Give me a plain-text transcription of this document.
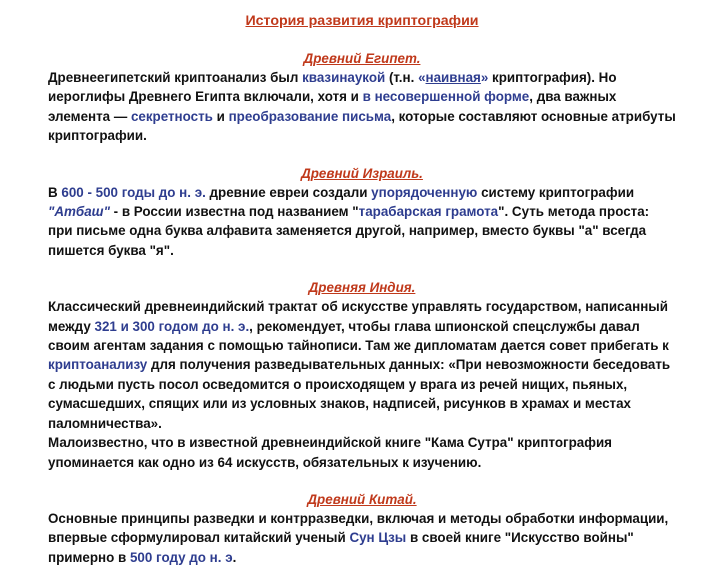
История развития криптографии
Древний Египет.
Древнеегипетский криптоанализ был квазинаукой (т.н. «наивная» криптография). Но иероглифы Древнего Египта включали, хотя и в несовершенной форме, два важных элемента — секретность и преобразование письма, которые составляют основные атрибуты криптографии.
Древний Израиль.
В 600 - 500 годы до н. э. древние евреи создали упорядоченную систему криптографии "Атбаш" - в России известна под названием "тарабарская грамота". Суть метода проста: при письме одна буква алфавита заменяется другой, например, вместо буквы "а" всегда пишется буква "я".
Древняя Индия.
Классический древнеиндийский трактат об искусстве управлять государством, написанный между 321 и 300 годом до н. э., рекомендует, чтобы глава шпионской спецслужбы давал своим агентам задания с помощью тайнописи. Там же дипломатам дается совет прибегать к криптоанализу для получения разведывательных данных: «При невозможности беседовать с людьми пусть посол осведомится о происходящем у врага из речей нищих, пьяных, сумасшедших, спящих или из условных знаков, надписей, рисунков в храмах и местах паломничества».
Малоизвестно, что в известной древнеиндийской книге "Кама Сутра" криптография упоминается как одно из 64 искусств, обязательных к изучению.
Древний Китай.
Основные принципы разведки и контрразведки, включая и методы обработки информации, впервые сформулировал китайский ученый Сун Цзы в своей книге "Искусство войны" примерно в 500 году до н. э.
